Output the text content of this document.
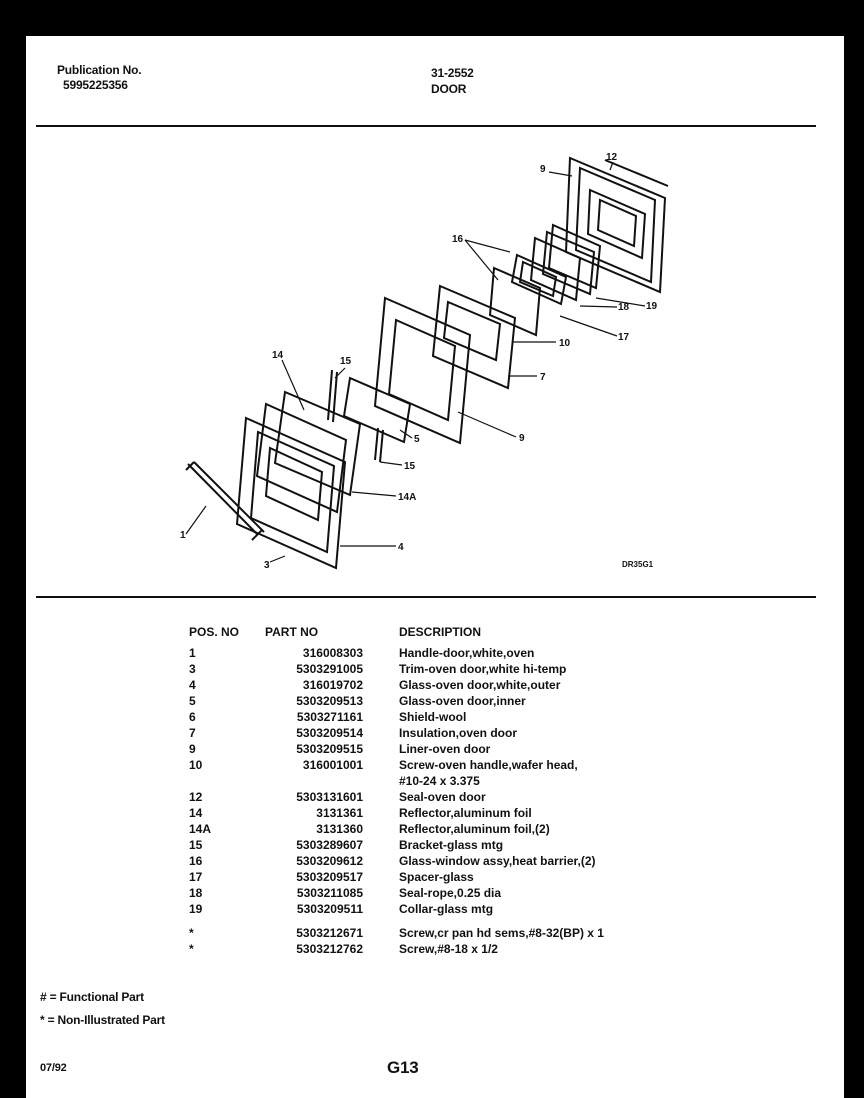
Publication No.
5995225356
31-2552
DOOR
9
12
16
19
18
17
10
7
9
5
15
14
15
14A
4
1
3	DR35G1
POS. NO	PART NO	DESCRIPTION
1	316008303	Handle-door,white,oven
3	5303291005	Trim-oven door,white hi-temp
4	316019702	Glass-oven door,white,outer
5	5303209513	Glass-oven door,inner
6	5303271161	Shield-wool
7	5303209514	Insulation,oven door
9	5303209515	Liner-oven door
10	316001001	Screw-oven handle,wafer head,
		#10-24 x 3.375
12	5303131601	Seal-oven door
14	3131361	Reflector,aluminum foil
14A	3131360	Reflector,aluminum foil,(2)
15	5303289607	Bracket-glass mtg
16	5303209612	Glass-window assy,heat barrier,(2)
17	5303209517	Spacer-glass
18	5303211085	Seal-rope,0.25 dia
19	5303209511	Collar-glass mtg

*	5303212671	Screw,cr pan hd sems,#8-32(BP) x 1
*	5303212762	Screw,#8-18 x 1/2
# = Functional Part
* = Non-Illustrated Part
07/92	G13
